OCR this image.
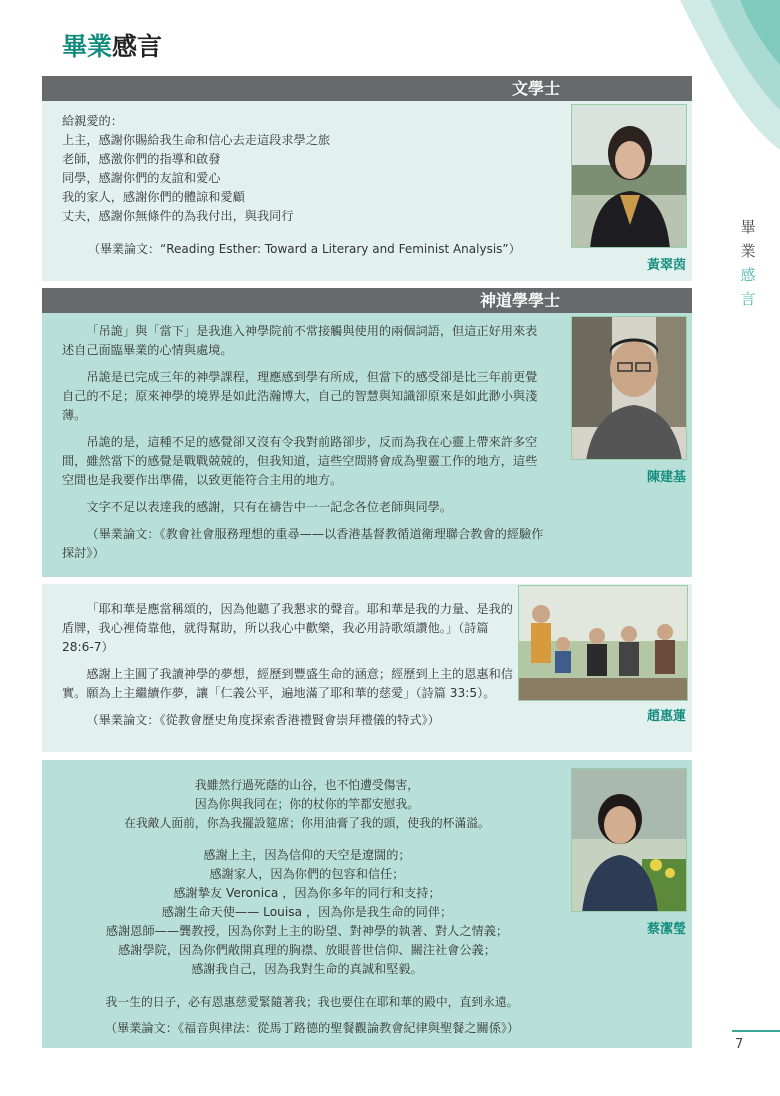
畢
業
感
言
畢業感言
文學士

給親愛的：

上主，感謝你賜給我生命和信心去走這段求學之旅

老師，感激你們的指導和啟發

同學，感謝你們的友誼和愛心

我的家人，感謝你們的體諒和愛顧

丈夫，感謝你無條件的為我付出，與我同行

（畢業論文：“Reading Esther: Toward a Literary and Feminist Analysis”）
黃翠茵
神道學學士

「吊詭」與「當下」是我進入神學院前不常接觸與使用的兩個詞語，但這正好用來表述自己面臨畢業的心情與處境。

吊詭是已完成三年的神學課程，理應感到學有所成，但當下的感受卻是比三年前更覺自己的不足；原來神學的境界是如此浩瀚博大，自己的智慧與知識卻原來是如此渺小與淺薄。

吊詭的是，這種不足的感覺卻又沒有令我對前路卻步，反而為我在心靈上帶來許多空間，雖然當下的感覺是戰戰兢兢的，但我知道，這些空間將會成為聖靈工作的地方，這些空間也是我要作出準備，以致更能符合主用的地方。

文字不足以表達我的感謝，只有在禱告中一一記念各位老師與同學。

（畢業論文：《教會社會服務理想的重尋——以香港基督教循道衛理聯合教會的經驗作探討》）

陳建基

「耶和華是應當稱頌的，因為他聽了我懇求的聲音。耶和華是我的力量、是我的盾牌，我心裡倚靠他，就得幫助，所以我心中歡樂，我必用詩歌頌讚他。」（詩篇 28:6-7）

感謝上主圓了我讀神學的夢想，經歷到豐盛生命的涵意；經歷到上主的恩惠和信實。願為上主繼續作夢，讓「仁義公平，遍地滿了耶和華的慈愛」（詩篇 33:5）。

（畢業論文：《從教會歷史角度探索香港禮賢會崇拜禮儀的特式》）	趙惠蓮

我雖然行過死蔭的山谷，也不怕遭受傷害，

因為你與我同在；你的杖你的竿都安慰我。

在我敵人面前，你為我擺設筵席；你用油膏了我的頭，使我的杯滿溢。

感謝上主，因為信仰的天空是遼闊的；

感謝家人，因為你們的包容和信任；

感謝摯友 Veronica ，因為你多年的同行和支持；

感謝生命天使—— Louisa ，因為你是我生命的同伴；

感謝恩師——龔教授，因為你對上主的盼望、對神學的執著、對人之情義；

感謝學院，因為你們敞開真理的胸襟、放眼普世信仰、關注社會公義；

感謝我自己，因為我對生命的真誠和堅毅。

我一生的日子，必有恩惠慈愛緊隨著我；我也要住在耶和華的殿中，直到永遠。
（畢業論文：《福音與律法：從馬丁路德的聖餐觀論教會紀律與聖餐之關係》）
蔡潔瑩
7
